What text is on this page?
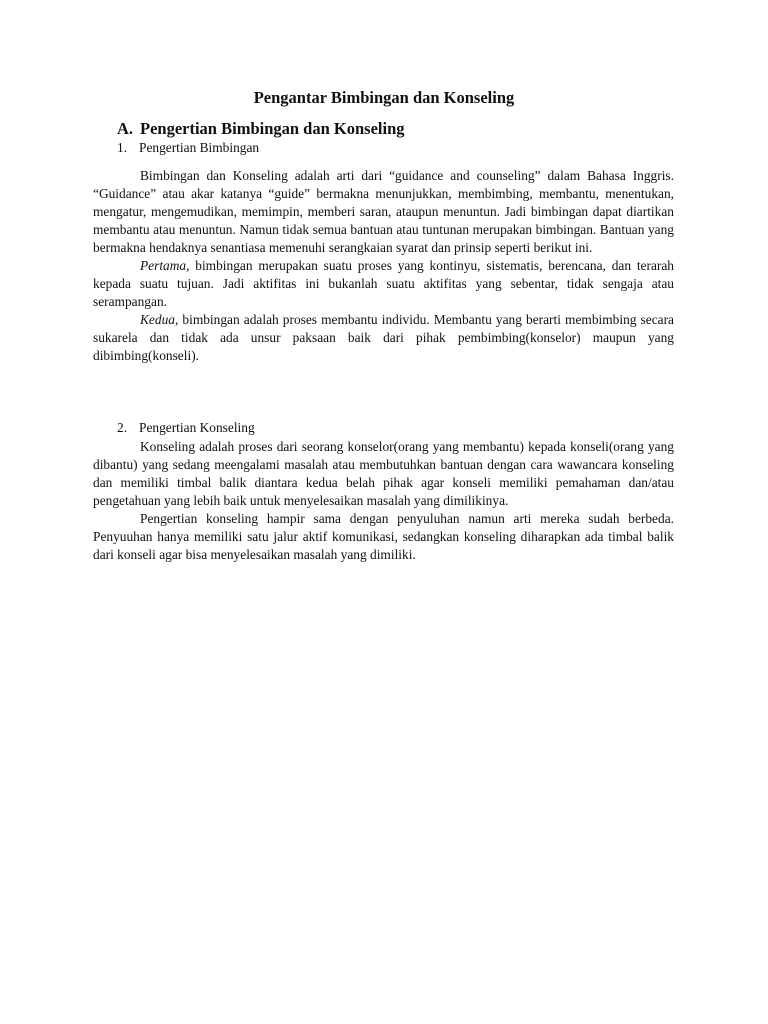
Pengantar Bimbingan dan Konseling
A. Pengertian Bimbingan dan Konseling
1. Pengertian Bimbingan

Bimbingan dan Konseling adalah arti dari “guidance and counseling” dalam Bahasa Inggris. “Guidance” atau akar katanya “guide” bermakna menunjukkan, membimbing, membantu, menentukan, mengatur, mengemudikan, memimpin, memberi saran, ataupun menuntun. Jadi bimbingan dapat diartikan membantu atau menuntun. Namun tidak semua bantuan atau tuntunan merupakan bimbingan. Bantuan yang bermakna hendaknya senantiasa memenuhi serangkaian syarat dan prinsip seperti berikut ini.

Pertama, bimbingan merupakan suatu proses yang kontinyu, sistematis, berencana, dan terarah kepada suatu tujuan. Jadi aktifitas ini bukanlah suatu aktifitas yang sebentar, tidak sengaja atau serampangan.

Kedua, bimbingan adalah proses membantu individu. Membantu yang berarti membimbing secara sukarela dan tidak ada unsur paksaan baik dari pihak pembimbing(konselor) maupun yang dibimbing(konseli).

2. Pengertian Konseling

Konseling adalah proses dari seorang konselor(orang yang membantu) kepada konseli(orang yang dibantu) yang sedang meengalami masalah atau membutuhkan bantuan dengan cara wawancara konseling dan memiliki timbal balik diantara kedua belah pihak agar konseli memiliki pemahaman dan/atau pengetahuan yang lebih baik untuk menyelesaikan masalah yang dimilikinya.

Pengertian konseling hampir sama dengan penyuluhan namun arti mereka sudah berbeda. Penyuuhan hanya memiliki satu jalur aktif komunikasi, sedangkan konseling diharapkan ada timbal balik dari konseli agar bisa menyelesaikan masalah yang dimiliki.
